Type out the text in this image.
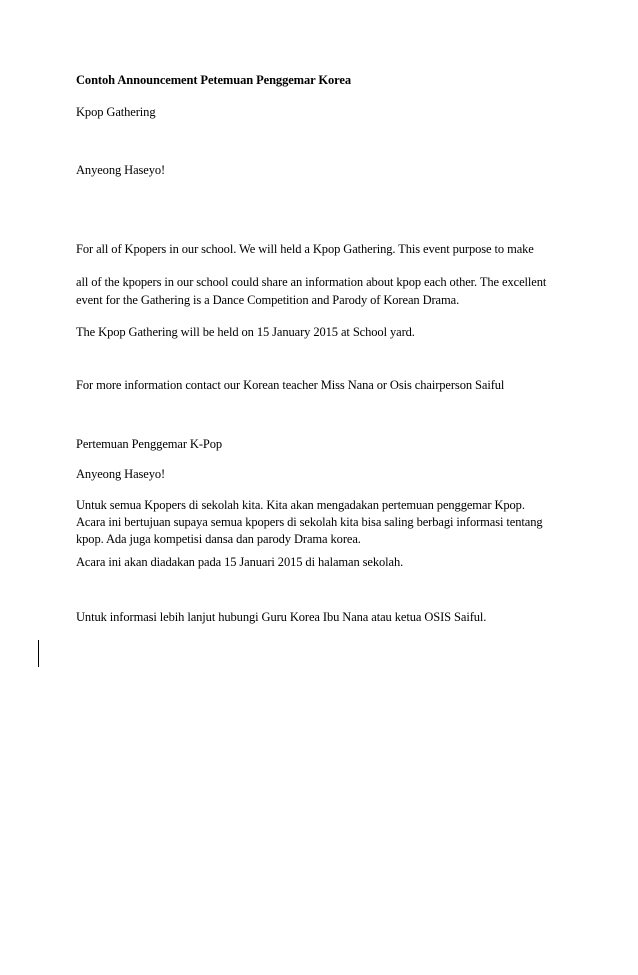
Contoh Announcement Petemuan Penggemar Korea

Kpop Gathering

Anyeong Haseyo!

For all of Kpopers in our school. We will held a Kpop Gathering. This event purpose to make

all of the kpopers in our school could share an information about kpop each other. The excellent

event for the Gathering is a Dance Competition and Parody of Korean Drama.

The Kpop Gathering will be held on 15 January 2015 at School yard.

For more information contact our Korean teacher Miss Nana or Osis chairperson Saiful

Pertemuan Penggemar K-Pop

Anyeong Haseyo!

Untuk semua Kpopers di sekolah kita. Kita akan mengadakan pertemuan penggemar Kpop.

Acara ini bertujuan supaya semua kpopers di sekolah kita bisa saling berbagi informasi tentang

kpop. Ada juga kompetisi dansa dan parody Drama korea.

Acara ini akan diadakan pada 15 Januari 2015 di halaman sekolah.

Untuk informasi lebih lanjut hubungi Guru Korea Ibu Nana atau ketua OSIS Saiful.
